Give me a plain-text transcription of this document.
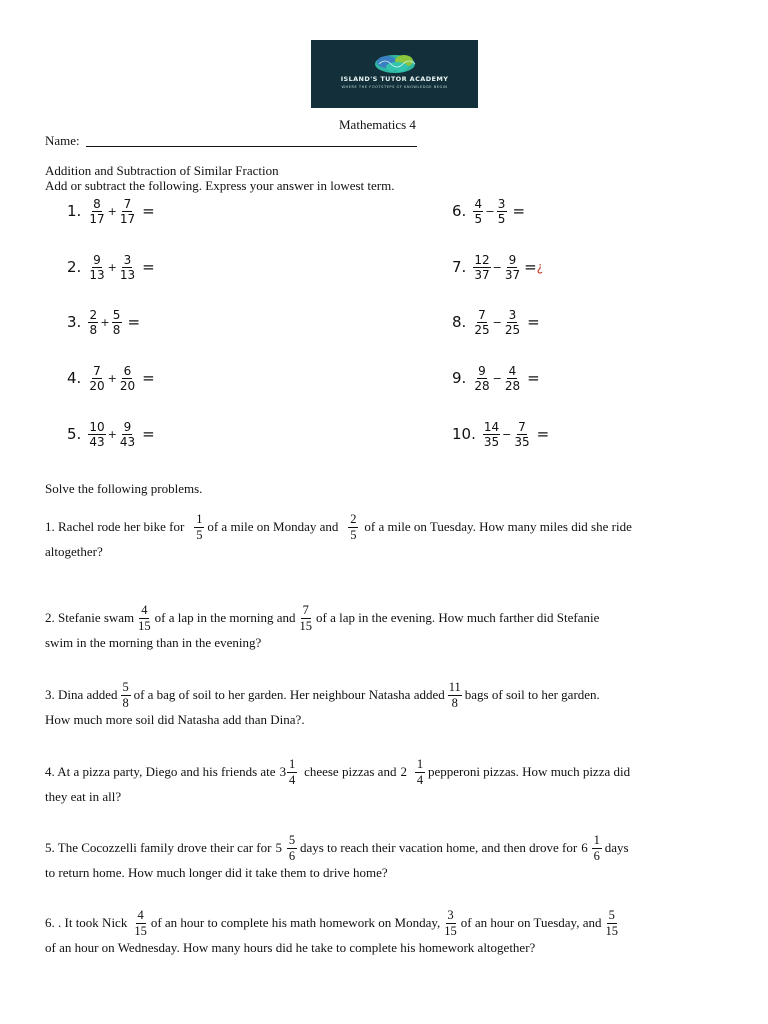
ISLAND'S TUTOR ACADEMY
WHERE THE FOOTSTEPS OF KNOWLEDGE BEGIN
Mathematics 4
Name:
Addition and Subtraction of Similar Fraction
Add or subtract the following. Express your answer in lowest term.
1. $\frac{8}{17} + \frac{7}{17}$ =
2. $\frac{9}{13} + \frac{3}{13}$ =
3. $\frac{2}{8} + \frac{5}{8}$ =
4. $\frac{7}{20} + \frac{6}{20}$ =
5. $\frac{10}{43} + \frac{9}{43}$ =
6. $\frac{4}{5} - \frac{3}{5}$ =
7. $\frac{12}{37} - \frac{9}{37}$ = ¿
8. $\frac{7}{25} - \frac{3}{25}$ =
9. $\frac{9}{28} - \frac{4}{28}$ =
10. $\frac{14}{35} - \frac{7}{35}$ =
Solve the following problems.
1. Rachel rode her bike for $\frac{1}{5}$ of a mile on Monday and $\frac{2}{5}$ of a mile on Tuesday. How many miles did she ride
altogether?
2. Stefanie swam $\frac{4}{15}$ of a lap in the morning and $\frac{7}{15}$ of a lap in the evening. How much farther did Stefanie
swim in the morning than in the evening?
3. Dina added $\frac{5}{8}$ of a bag of soil to her garden. Her neighbour Natasha added $\frac{11}{8}$ bags of soil to her garden.
How much more soil did Natasha add than Dina?.
4. At a pizza party, Diego and his friends ate $3 \frac{1}{4}$ cheese pizzas and $2 \frac{1}{4}$ pepperoni pizzas. How much pizza did
they eat in all?
5. The Cocozzelli family drove their car for $5 \frac{5}{6}$ days to reach their vacation home, and then drove for $6 \frac{1}{6}$ days
to return home. How much longer did it take them to drive home?
6. . It took Nick $\frac{4}{15}$ of an hour to complete his math homework on Monday, $\frac{3}{15}$ of an hour on Tuesday, and $\frac{5}{15}$
of an hour on Wednesday. How many hours did he take to complete his homework altogether?
